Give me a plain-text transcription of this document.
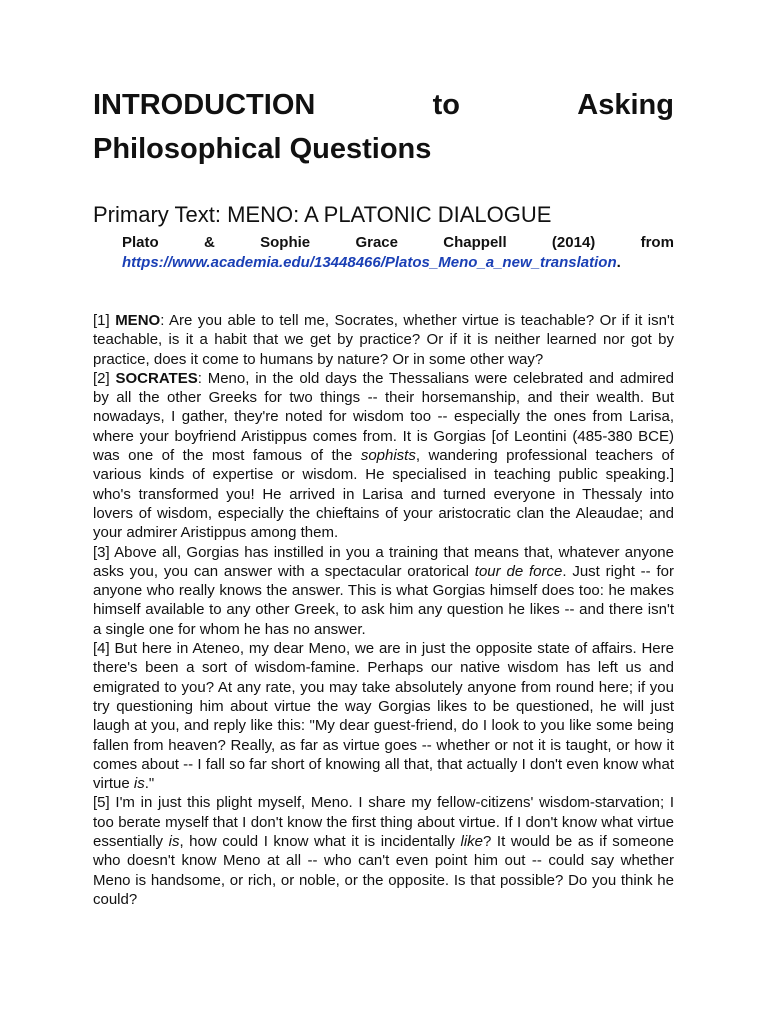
INTRODUCTION	to	Asking
Philosophical Questions
Primary Text: MENO: A PLATONIC DIALOGUE
Plato	&	Sophie	Grace	Chappell	(2014)	from
https://www.academia.edu/13448466/Platos_Meno_a_new_translation.

[1] MENO: Are you able to tell me, Socrates, whether virtue is teachable? Or if it isn't teachable, is it a habit that we get by practice? Or if it is neither learned nor got by practice, does it come to humans by nature? Or in some other way?

[2] SOCRATES: Meno, in the old days the Thessalians were celebrated and admired by all the other Greeks for two things -- their horsemanship, and their wealth. But nowadays, I gather, they're noted for wisdom too -- especially the ones from Larisa, where your boyfriend Aristippus comes from. It is Gorgias [of Leontini (485-380 BCE) was one of the most famous of the sophists, wandering professional teachers of various kinds of expertise or wisdom. He specialised in teaching public speaking.] who's transformed you! He arrived in Larisa and turned everyone in Thessaly into lovers of wisdom, especially the chieftains of your aristocratic clan the Aleaudae; and your admirer Aristippus among them.

[3] Above all, Gorgias has instilled in you a training that means that, whatever anyone asks you, you can answer with a spectacular oratorical tour de force. Just right -- for anyone who really knows the answer. This is what Gorgias himself does too: he makes himself available to any other Greek, to ask him any question he likes -- and there isn't a single one for whom he has no answer.

[4] But here in Ateneo, my dear Meno, we are in just the opposite state of affairs. Here there's been a sort of wisdom-famine. Perhaps our native wisdom has left us and emigrated to you? At any rate, you may take absolutely anyone from round here; if you try questioning him about virtue the way Gorgias likes to be questioned, he will just laugh at you, and reply like this: "My dear guest-friend, do I look to you like some being fallen from heaven? Really, as far as virtue goes -- whether or not it is taught, or how it comes about -- I fall so far short of knowing all that, that actually I don't even know what virtue is."

[5] I'm in just this plight myself, Meno. I share my fellow-citizens' wisdom-starvation; I too berate myself that I don't know the first thing about virtue. If I don't know what virtue essentially is, how could I know what it is incidentally like? It would be as if someone who doesn't know Meno at all -- who can't even point him out -- could say whether Meno is handsome, or rich, or noble, or the opposite. Is that possible? Do you think he could?
